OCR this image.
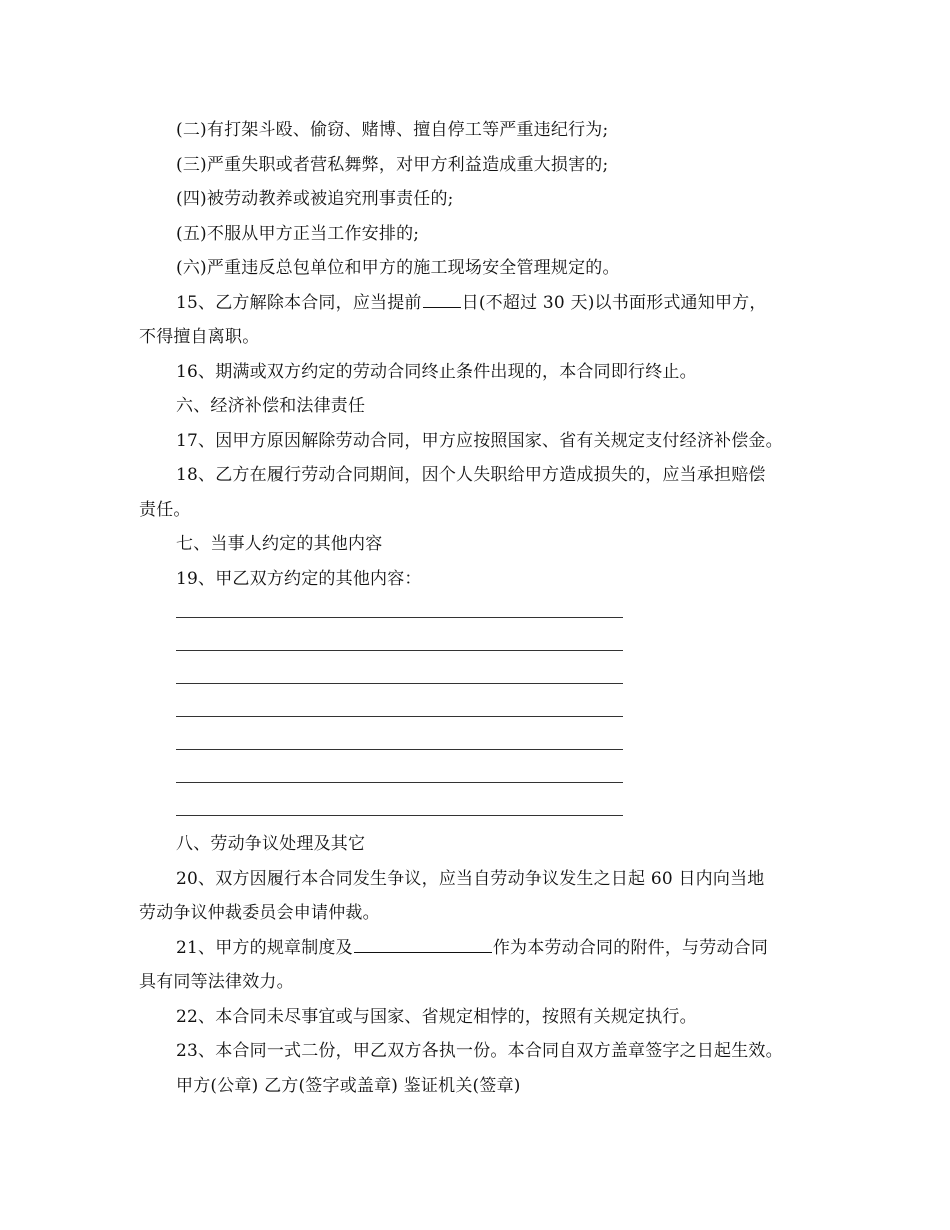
(二)有打架斗殴、偷窃、赌博、擅自停工等严重违纪行为;

(三)严重失职或者营私舞弊，对甲方利益造成重大损害的;

(四)被劳动教养或被追究刑事责任的;

(五)不服从甲方正当工作安排的;

(六)严重违反总包单位和甲方的施工现场安全管理规定的。

15、乙方解除本合同，应当提前 日(不超过 30 天)以书面形式通知甲方，

不得擅自离职。

16、期满或双方约定的劳动合同终止条件出现的，本合同即行终止。

六、经济补偿和法律责任

17、因甲方原因解除劳动合同，甲方应按照国家、省有关规定支付经济补偿金。

18、乙方在履行劳动合同期间，因个人失职给甲方造成损失的，应当承担赔偿

责任。

七、当事人约定的其他内容

19、甲乙双方约定的其他内容：

八、劳动争议处理及其它

20、双方因履行本合同发生争议，应当自劳动争议发生之日起 60 日内向当地

劳动争议仲裁委员会申请仲裁。

21、甲方的规章制度及	作为本劳动合同的附件，与劳动合同

具有同等法律效力。

22、本合同未尽事宜或与国家、省规定相悖的，按照有关规定执行。

23、本合同一式二份，甲乙双方各执一份。本合同自双方盖章签字之日起生效。

甲方(公章) 乙方(签字或盖章) 鉴证机关(签章)
